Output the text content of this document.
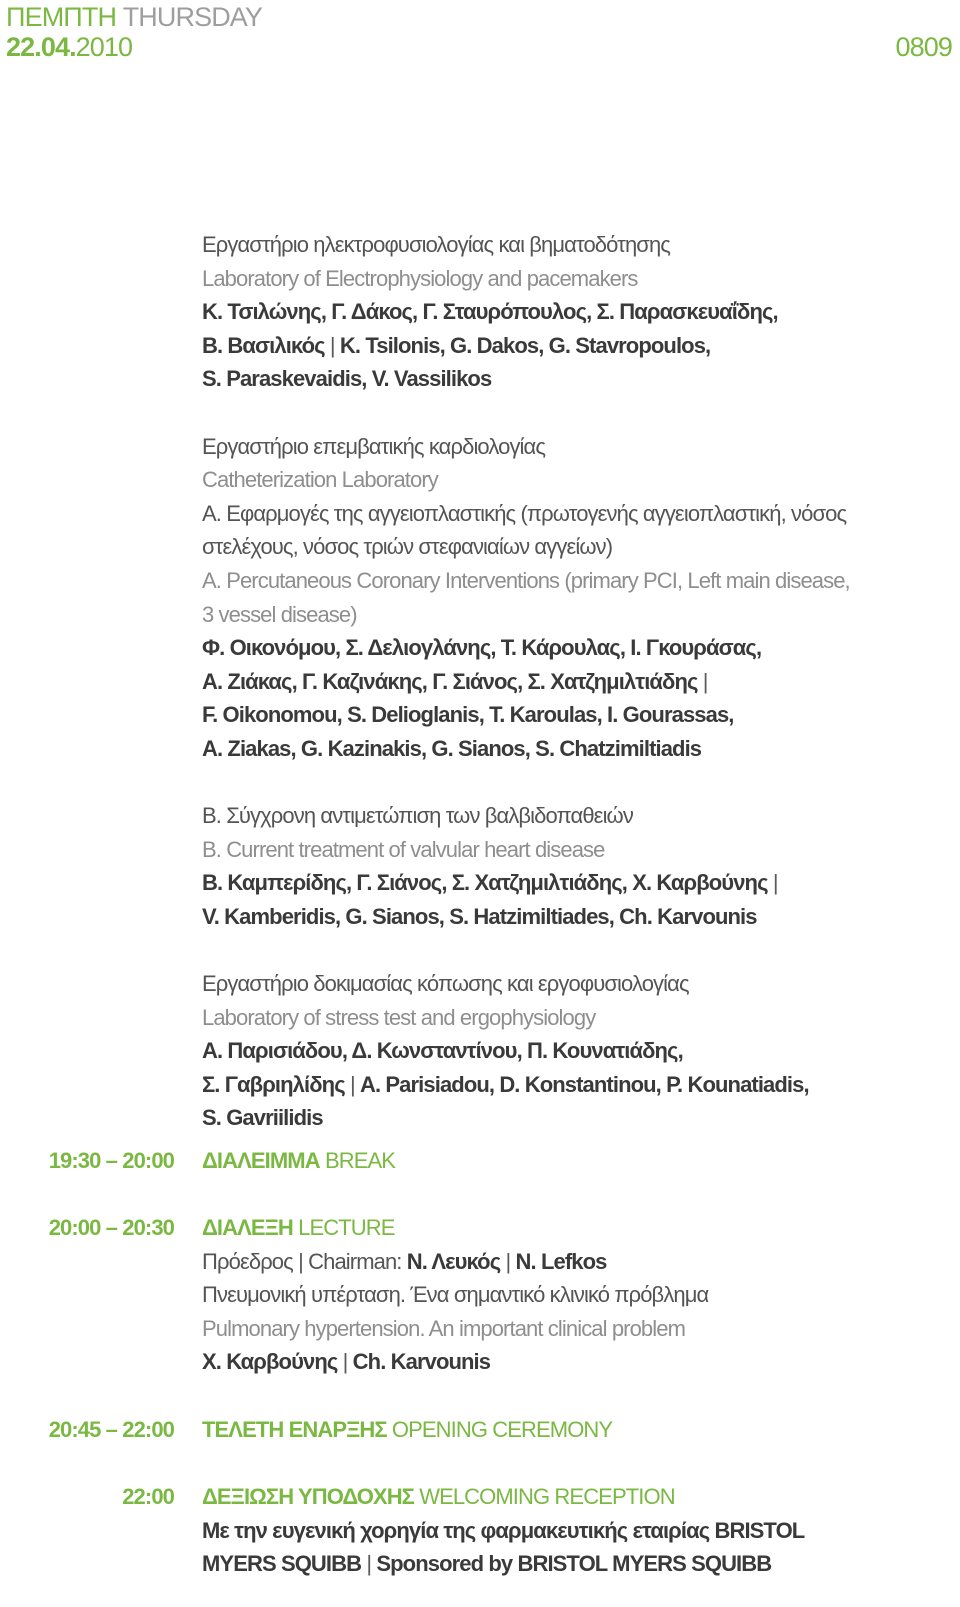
ΠΕΜΠΤΗ THURSDAY
22.04.2010	0809
Εργαστήριο ηλεκτροφυσιολογίας και βηματοδότησης
Laboratory of Electrophysiology and pacemakers
Κ. Τσιλώνης, Γ. Δάκος, Γ. Σταυρόπουλος, Σ. Παρασκευαΐδης,
Β. Βασιλικός | K. Tsilonis, G. Dakos, G. Stavropoulos,
S. Paraskevaidis, V. Vassilikos
Εργαστήριο επεμβατικής καρδιολογίας
Catheterization Laboratory
Α. Εφαρμογές της αγγειοπλαστικής (πρωτογενής αγγειοπλαστική, νόσος
στελέχους, νόσος τριών στεφανιαίων αγγείων)
A. Percutaneous Coronary Interventions (primary PCI, Left main disease,
3 vessel disease)
Φ. Οικονόμου, Σ. Δελιογλάνης, Τ. Κάρουλας, Ι. Γκουράσας,
Α. Ζιάκας, Γ. Καζινάκης, Γ. Σιάνος, Σ. Χατζημιλτιάδης |
F. Oikonomou, S. Delioglanis, T. Karoulas, I. Gourassas,
A. Ziakas, G. Kazinakis, G. Sianos, S. Chatzimiltiadis
Β. Σύγχρονη αντιμετώπιση των βαλβιδοπαθειών
B. Current treatment of valvular heart disease
Β. Καμπερίδης, Γ. Σιάνος, Σ. Χατζημιλτιάδης, Χ. Καρβούνης |
V. Kamberidis, G. Sianos, S. Hatzimiltiades, Ch. Karvounis
Εργαστήριο δοκιμασίας κόπωσης και εργοφυσιολογίας
Laboratory of stress test and ergophysiology
Α. Παρισιάδου, Δ. Κωνσταντίνου, Π. Κουνατιάδης,
Σ. Γαβριηλίδης | A. Parisiadou, D. Konstantinou, P. Kounatiadis,
S. Gavriilidis
19:30 – 20:00 ΔΙΑΛΕΙΜΜΑ BREAK
20:00 – 20:30 ΔΙΑΛΕΞΗ LECTURE
Πρόεδρος | Chairman: Ν. Λευκός | N. Lefkos
Πνευμονική υπέρταση. Ένα σημαντικό κλινικό πρόβλημα
Pulmonary hypertension. An important clinical problem
Χ. Καρβούνης | Ch. Karvounis
20:45 – 22:00 ΤΕΛΕΤΗ ΕΝΑΡΞΗΣ OPENING CEREMONY
22:00 ΔΕΞΙΩΣΗ ΥΠΟΔΟΧΗΣ WELCOMING RECEPTION
Με την ευγενική χορηγία της φαρμακευτικής εταιρίας BRISTOL
MYERS SQUIBB | Sponsored by BRISTOL MYERS SQUIBB
